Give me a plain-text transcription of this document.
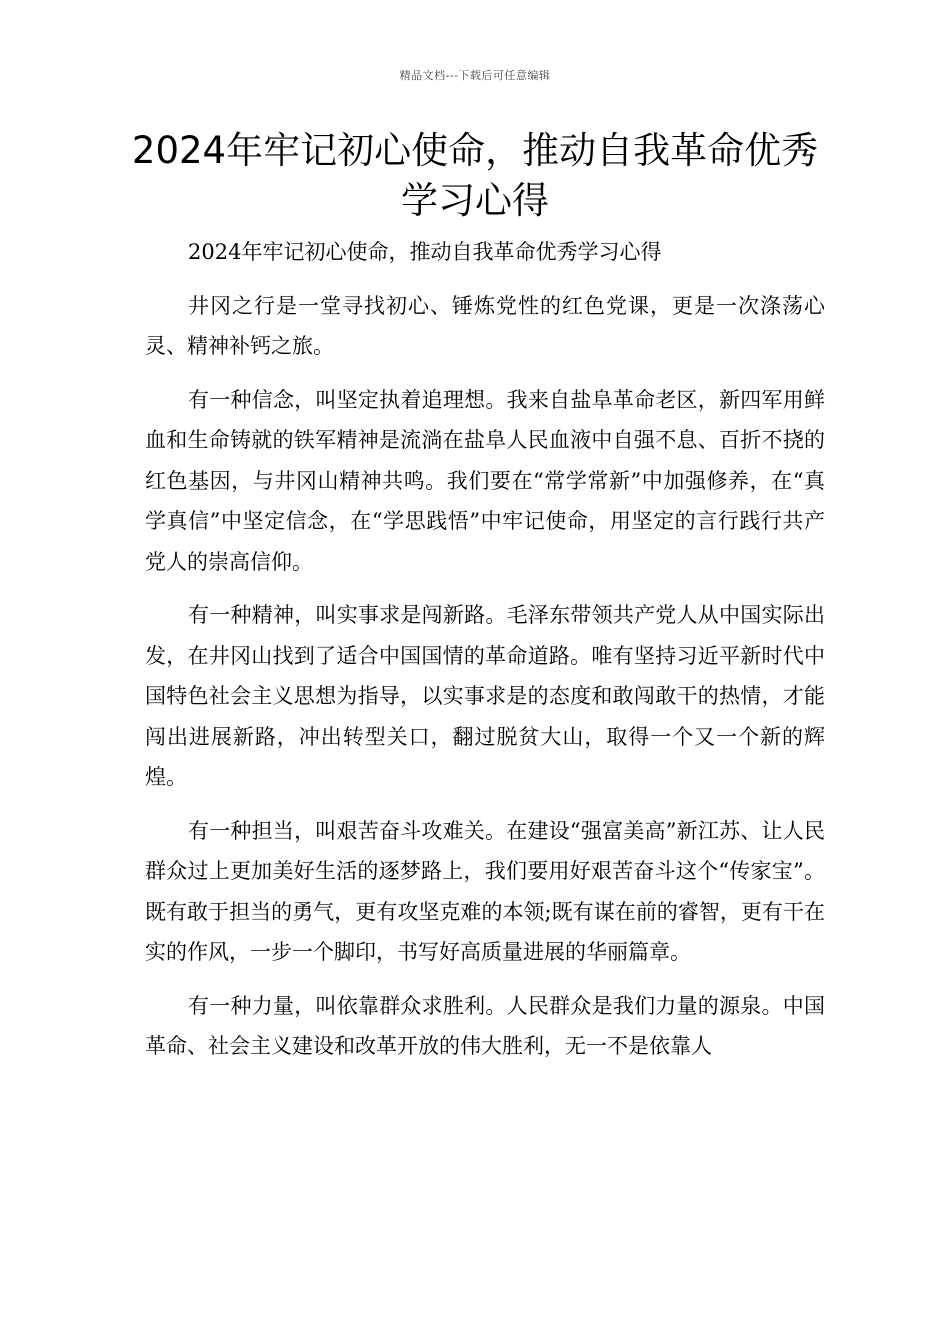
精品文档---下载后可任意编辑
2024年牢记初心使命，推动自我革命优秀学习心得

2024年牢记初心使命，推动自我革命优秀学习心得

井冈之行是一堂寻找初心、锤炼党性的红色党课，更是一次涤荡心灵、精神补钙之旅。

有一种信念，叫坚定执着追理想。我来自盐阜革命老区，新四军用鲜血和生命铸就的铁军精神是流淌在盐阜人民血液中自强不息、百折不挠的红色基因，与井冈山精神共鸣。我们要在“常学常新”中加强修养，在“真学真信”中坚定信念，在“学思践悟”中牢记使命，用坚定的言行践行共产党人的崇高信仰。

有一种精神，叫实事求是闯新路。毛泽东带领共产党人从中国实际出发，在井冈山找到了适合中国国情的革命道路。唯有坚持习近平新时代中国特色社会主义思想为指导，以实事求是的态度和敢闯敢干的热情，才能闯出进展新路，冲出转型关口，翻过脱贫大山，取得一个又一个新的辉煌。

有一种担当，叫艰苦奋斗攻难关。在建设“强富美高”新江苏、让人民群众过上更加美好生活的逐梦路上，我们要用好艰苦奋斗这个“传家宝”。既有敢于担当的勇气，更有攻坚克难的本领;既有谋在前的睿智，更有干在实的作风，一步一个脚印，书写好高质量进展的华丽篇章。

有一种力量，叫依靠群众求胜利。人民群众是我们力量的源泉。中国革命、社会主义建设和改革开放的伟大胜利，无一不是依靠人
